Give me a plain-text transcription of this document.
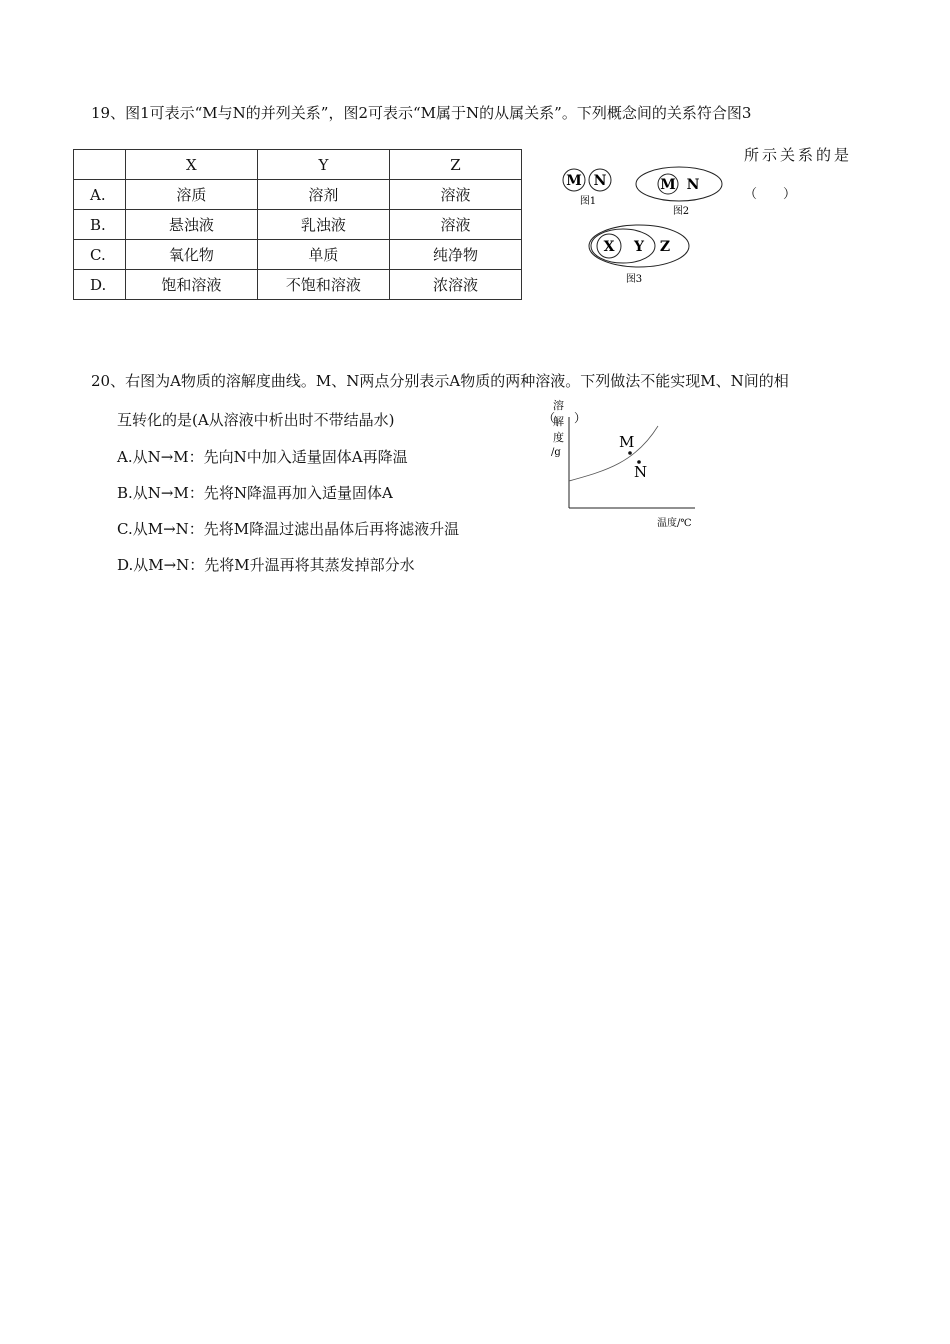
19、图1可表示“M与N的并列关系”，图2可表示“M属于N的从属关系”。下列概念间的关系符合图3
所示关系的是
（　　）
	X	Y	Z
A.	溶质	溶剂	溶液
B.	悬浊液	乳浊液	溶液
C.	氧化物	单质	纯净物
D.	饱和溶液	不饱和溶液	浓溶液
M N
图1
M N
图2
X Y Z
图3
20、右图为A物质的溶解度曲线。M、N两点分别表示A物质的两种溶液。下列做法不能实现M、N间的相
互转化的是(A从溶液中析出时不带结晶水)
A.从N→M：先向N中加入适量固体A再降温
B.从N→M：先将N降温再加入适量固体A
C.从M→N：先将M降温过滤出晶体后再将滤液升温
D.从M→N：先将M升温再将其蒸发掉部分水
（
溶
解
度
/g
）
M
N
温度/℃
